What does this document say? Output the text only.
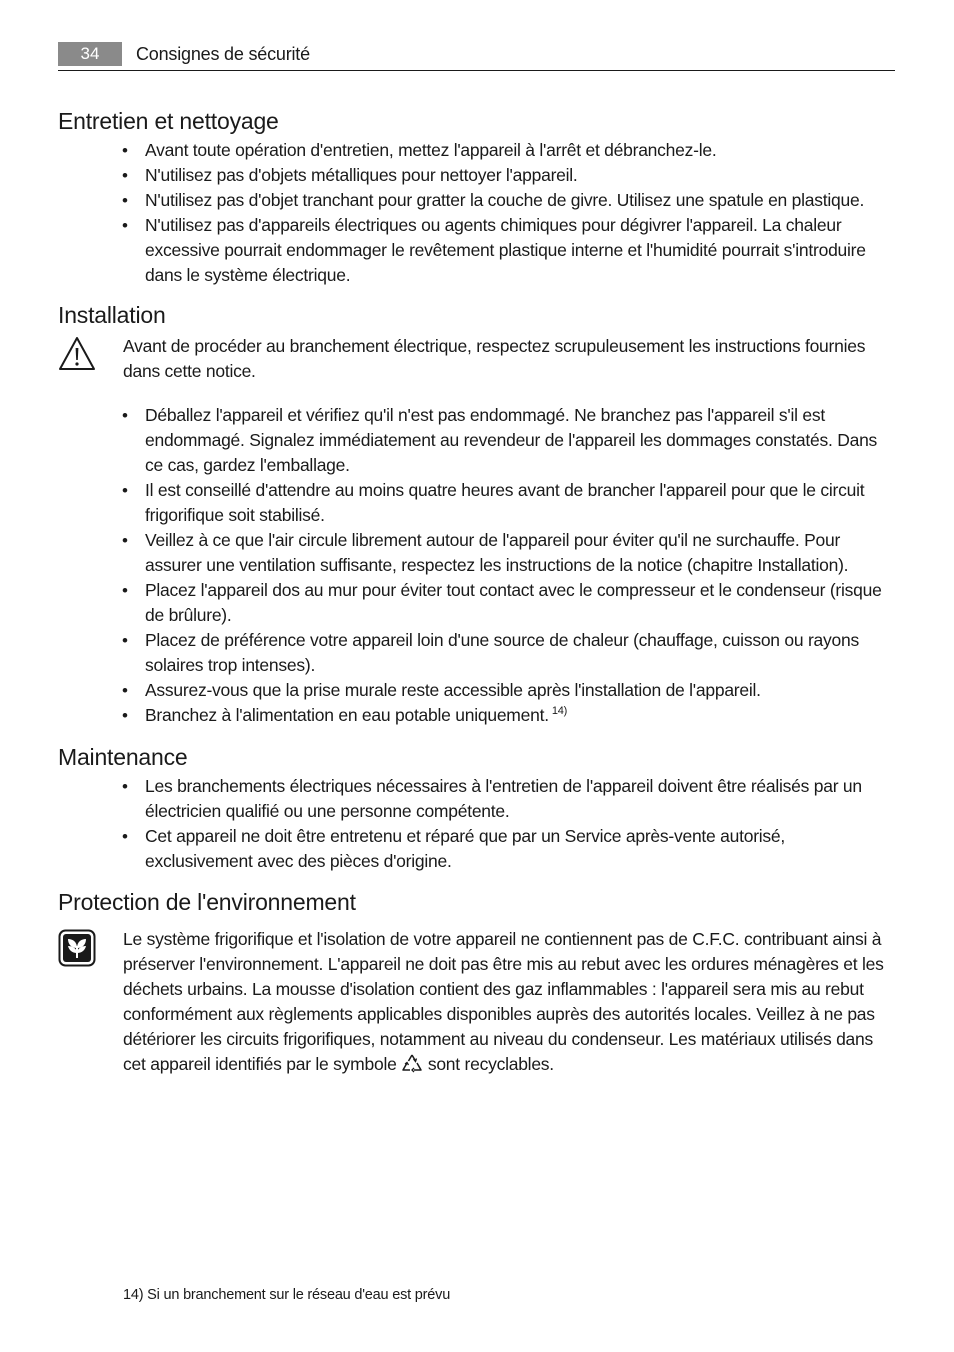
34	Consignes de sécurité
Entretien et nettoyage
• Avant toute opération d'entretien, mettez l'appareil à l'arrêt et débranchez-le.
• N'utilisez pas d'objets métalliques pour nettoyer l'appareil.
• N'utilisez pas d'objet tranchant pour gratter la couche de givre. Utilisez une spatule en plastique.
• N'utilisez pas d'appareils électriques ou agents chimiques pour dégivrer l'appareil. La chaleur excessive pourrait endommager le revêtement plastique interne et l'humidité pourrait s'introduire dans le système électrique.
Installation

Avant de procéder au branchement électrique, respectez scrupuleusement les instructions fournies dans cette notice.

• Déballez l'appareil et vérifiez qu'il n'est pas endommagé. Ne branchez pas l'appareil s'il est endommagé. Signalez immédiatement au revendeur de l'appareil les dommages constatés. Dans ce cas, gardez l'emballage.
• Il est conseillé d'attendre au moins quatre heures avant de brancher l'appareil pour que le circuit frigorifique soit stabilisé.
• Veillez à ce que l'air circule librement autour de l'appareil pour éviter qu'il ne surchauffe. Pour assurer une ventilation suffisante, respectez les instructions de la notice (chapitre Installation).
• Placez l'appareil dos au mur pour éviter tout contact avec le compresseur et le condenseur (risque de brûlure).
• Placez de préférence votre appareil loin d'une source de chaleur (chauffage, cuisson ou rayons solaires trop intenses).
• Assurez-vous que la prise murale reste accessible après l'installation de l'appareil.
• Branchez à l'alimentation en eau potable uniquement. $^{14)}$
Maintenance
• Les branchements électriques nécessaires à l'entretien de l'appareil doivent être réalisés par un électricien qualifié ou une personne compétente.
• Cet appareil ne doit être entretenu et réparé que par un Service après-vente autorisé, exclusivement avec des pièces d'origine.
Protection de l'environnement

Le système frigorifique et l'isolation de votre appareil ne contiennent pas de C.F.C. contribuant ainsi à préserver l'environnement. L'appareil ne doit pas être mis au rebut avec les ordures ménagères et les déchets urbains. La mousse d'isolation contient des gaz inflammables : l'appareil sera mis au rebut conformément aux règlements applicables disponibles auprès des autorités locales. Veillez à ne pas détériorer les circuits frigorifiques, notamment au niveau du condenseur. Les matériaux utilisés dans cet appareil identifiés par le symbole sont recyclables.

14) Si un branchement sur le réseau d'eau est prévu
